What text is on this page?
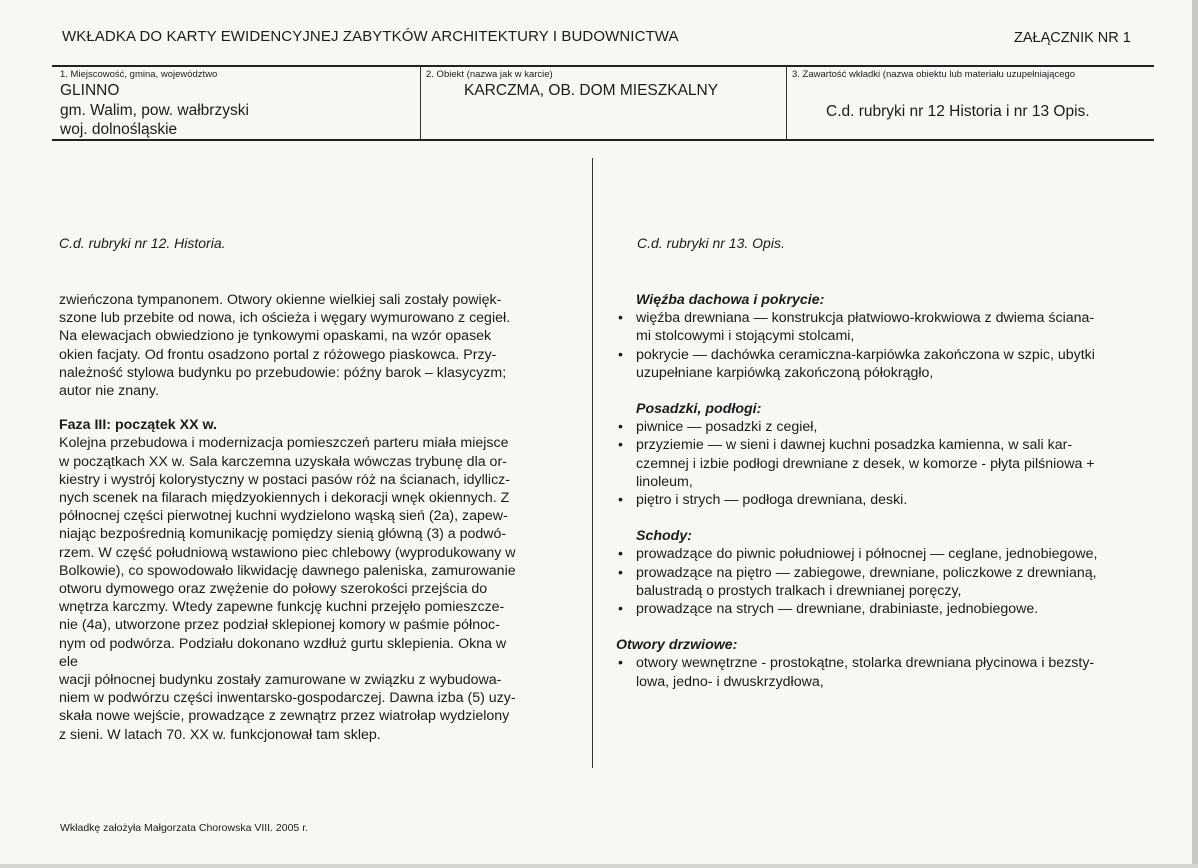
WKŁADKA DO KARTY EWIDENCYJNEJ ZABYTKÓW ARCHITEKTURY I BUDOWNICTWA	ZAŁĄCZNIK NR 1
1. Miejscowość, gmina, województwo
GLINNO
gm. Walim, pow. wałbrzyski
woj. dolnośląskie
2. Obiekt (nazwa jak w karcie)
KARCZMA, OB. DOM MIESZKALNY
3. Zawartość wkładki (nazwa obiektu lub materiału uzupełniającego
C.d. rubryki nr 12 Historia i nr 13 Opis.
C.d. rubryki nr 12. Historia.	C.d. rubryki nr 13. Opis.

zwieńczona tympanonem. Otwory okienne wielkiej sali zostały powięk-
szone lub przebite od nowa, ich ościeża i węgary wymurowano z cegieł.
Na elewacjach obwiedziono je tynkowymi opaskami, na wzór opasek
okien facjaty. Od frontu osadzono portal z różowego piaskowca. Przy-
należność stylowa budynku po przebudowie: późny barok – klasycyzm;
autor nie znany.

Faza III: początek XX w.

Kolejna przebudowa i modernizacja pomieszczeń parteru miała miejsce
w początkach XX w. Sala karczemna uzyskała wówczas trybunę dla or-
kiestry i wystrój kolorystyczny w postaci pasów róż na ścianach, idyllicz-
nych scenek na filarach międzyokiennych i dekoracji wnęk okiennych. Z
północnej części pierwotnej kuchni wydzielono wąską sień (2a), zapew-
niając bezpośrednią komunikację pomiędzy sienią główną (3) a podwó-
rzem. W część południową wstawiono piec chlebowy (wyprodukowany w
Bolkowie), co spowodowało likwidację dawnego paleniska, zamurowanie
otworu dymowego oraz zwężenie do połowy szerokości przejścia do
wnętrza karczmy. Wtedy zapewne funkcję kuchni przejęło pomieszcze-
nie (4a), utworzone przez podział sklepionej komory w paśmie północ-
nym od podwórza. Podziału dokonano wzdłuż gurtu sklepienia. Okna w
ele
wacji północnej budynku zostały zamurowane w związku z wybudowa-
niem w podwórzu części inwentarsko-gospodarczej. Dawna izba (5) uzy-
skała nowe wejście, prowadzące z zewnątrz przez wiatrołap wydzielony
z sieni. W latach 70. XX w. funkcjonował tam sklep.

Więźba dachowa i pokrycie:

• więźba drewniana — konstrukcja płatwiowo-krokwiowa z dwiema ściana-
mi stolcowymi i stojącymi stolcami,
• pokrycie — dachówka ceramiczna-karpiówka zakończona w szpic, ubytki
uzupełniane karpiówką zakończoną półokrągło,

Posadzki, podłogi:

• piwnice — posadzki z cegieł,
• przyziemie — w sieni i dawnej kuchni posadzka kamienna, w sali kar-
czemnej i izbie podłogi drewniane z desek, w komorze - płyta pilśniowa +
linoleum,
• piętro i strych — podłoga drewniana, deski.

Schody:

• prowadzące do piwnic południowej i północnej — ceglane, jednobiegowe,
• prowadzące na piętro — zabiegowe, drewniane, policzkowe z drewnianą,
balustradą o prostych tralkach i drewnianej poręczy,
• prowadzące na strych — drewniane, drabiniaste, jednobiegowe.

Otwory drzwiowe:

• otwory wewnętrzne - prostokątne, stolarka drewniana płycinowa i bezsty-
lowa, jedno- i dwuskrzydłowa,
Wkładkę założyła Małgorzata Chorowska VIII. 2005 r.
